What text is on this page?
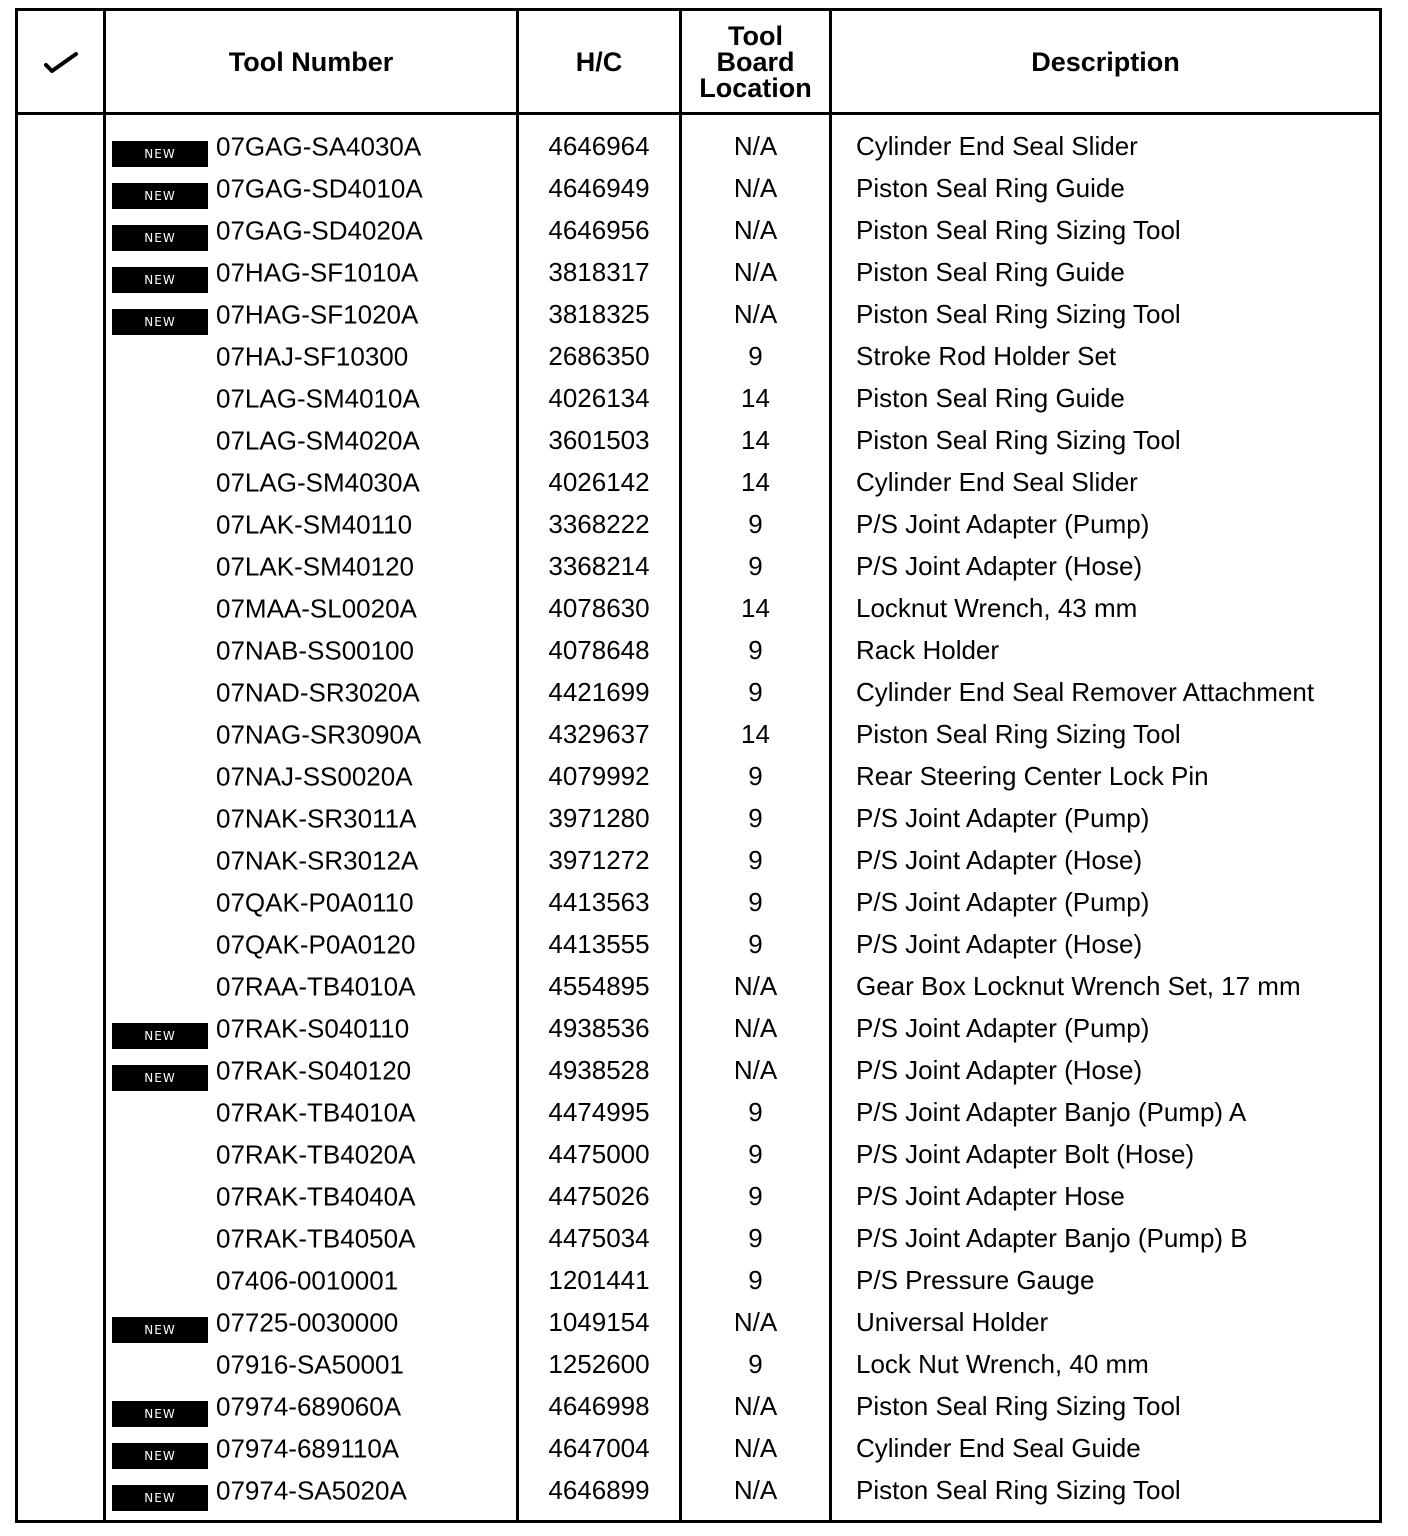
	Tool Number	H/C	Tool
Board
Location	Description
	NEW 07GAG-SA4030A	4646964	N/A	Cylinder End Seal Slider
	NEW 07GAG-SD4010A	4646949	N/A	Piston Seal Ring Guide
	NEW 07GAG-SD4020A	4646956	N/A	Piston Seal Ring Sizing Tool
	NEW 07HAG-SF1010A	3818317	N/A	Piston Seal Ring Guide
	NEW 07HAG-SF1020A	3818325	N/A	Piston Seal Ring Sizing Tool
	07HAJ-SF10300	2686350	9	Stroke Rod Holder Set
	07LAG-SM4010A	4026134	14	Piston Seal Ring Guide
	07LAG-SM4020A	3601503	14	Piston Seal Ring Sizing Tool
	07LAG-SM4030A	4026142	14	Cylinder End Seal Slider
	07LAK-SM40110	3368222	9	P/S Joint Adapter (Pump)
	07LAK-SM40120	3368214	9	P/S Joint Adapter (Hose)
	07MAA-SL0020A	4078630	14	Locknut Wrench, 43 mm
	07NAB-SS00100	4078648	9	Rack Holder
	07NAD-SR3020A	4421699	9	Cylinder End Seal Remover Attachment
	07NAG-SR3090A	4329637	14	Piston Seal Ring Sizing Tool
	07NAJ-SS0020A	4079992	9	Rear Steering Center Lock Pin
	07NAK-SR3011A	3971280	9	P/S Joint Adapter (Pump)
	07NAK-SR3012A	3971272	9	P/S Joint Adapter (Hose)
	07QAK-P0A0110	4413563	9	P/S Joint Adapter (Pump)
	07QAK-P0A0120	4413555	9	P/S Joint Adapter (Hose)
	07RAA-TB4010A	4554895	N/A	Gear Box Locknut Wrench Set, 17 mm
	NEW 07RAK-S040110	4938536	N/A	P/S Joint Adapter (Pump)
	NEW 07RAK-S040120	4938528	N/A	P/S Joint Adapter (Hose)
	07RAK-TB4010A	4474995	9	P/S Joint Adapter Banjo (Pump) A
	07RAK-TB4020A	4475000	9	P/S Joint Adapter Bolt (Hose)
	07RAK-TB4040A	4475026	9	P/S Joint Adapter Hose
	07RAK-TB4050A	4475034	9	P/S Joint Adapter Banjo (Pump) B
	07406-0010001	1201441	9	P/S Pressure Gauge
	NEW 07725-0030000	1049154	N/A	Universal Holder
	07916-SA50001	1252600	9	Lock Nut Wrench, 40 mm
	NEW 07974-689060A	4646998	N/A	Piston Seal Ring Sizing Tool
	NEW 07974-689110A	4647004	N/A	Cylinder End Seal Guide
	NEW 07974-SA5020A	4646899	N/A	Piston Seal Ring Sizing Tool
